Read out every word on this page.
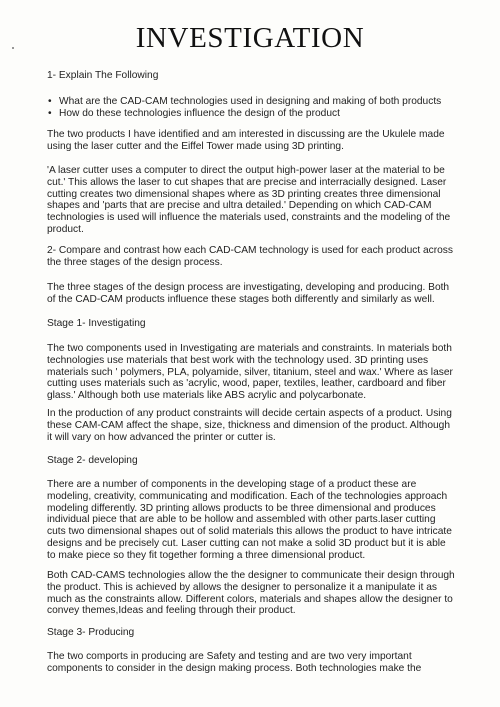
INVESTIGATION
1- Explain The Following
• What are the CAD-CAM technologies used in designing and making of both products
• How do these technologies influence the design of the product
The two products I have identified and am interested in discussing are the Ukulele made
using the laser cutter and the Eiffel Tower made using 3D printing.
'A laser cutter uses a computer to direct the output high-power laser at the material to be
cut.' This allows the laser to cut shapes that are precise and interracially designed. Laser
cutting creates two dimensional shapes where as 3D printing creates three dimensional
shapes and 'parts that are precise and ultra detailed.' Depending on which CAD-CAM
technologies is used will influence the materials used, constraints and the modeling of the
product.
2- Compare and contrast how each CAD-CAM technology is used for each product across
the three stages of the design process.
The three stages of the design process are investigating, developing and producing. Both
of the CAD-CAM products influence these stages both differently and similarly as well.
Stage 1- Investigating
The two components used in Investigating are materials and constraints. In materials both
technologies use materials that best work with the technology used. 3D printing uses
materials such ' polymers, PLA, polyamide, silver, titanium, steel and wax.' Where as laser
cutting uses materials such as 'acrylic, wood, paper, textiles, leather, cardboard and fiber
glass.' Although both use materials like ABS acrylic and polycarbonate.
In the production of any product constraints will decide certain aspects of a product. Using
these CAM-CAM affect the shape, size, thickness and dimension of the product. Although
it will vary on how advanced the printer or cutter is.
Stage 2- developing
There are a number of components in the developing stage of a product these are
modeling, creativity, communicating and modification. Each of the technologies approach
modeling differently. 3D printing allows products to be three dimensional and produces
individual piece that are able to be hollow and assembled with other parts.laser cutting
cuts two dimensional shapes out of solid materials this allows the product to have intricate
designs and be precisely cut. Laser cutting can not make a solid 3D product but it is able
to make piece so they fit together forming a three dimensional product.
Both CAD-CAMS technologies allow the the designer to communicate their design through
the product. This is achieved by allows the designer to personalize it a manipulate it as
much as the constraints allow. Different colors, materials and shapes allow the designer to
convey themes,Ideas and feeling through their product.
Stage 3- Producing
The two comports in producing are Safety and testing and are two very important
components to consider in the design making process. Both technologies make the
